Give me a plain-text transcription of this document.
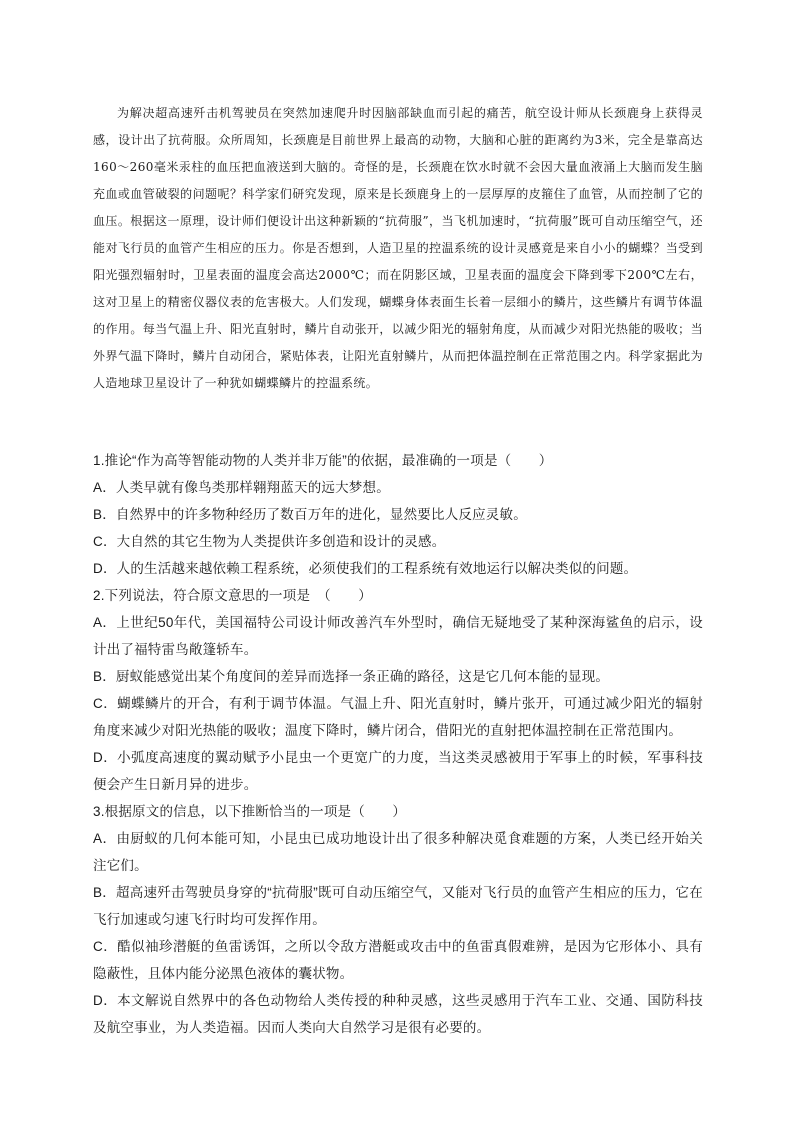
为解决超高速歼击机驾驶员在突然加速爬升时因脑部缺血而引起的痛苦，航空设计师从长颈鹿身上获得灵感，设计出了抗荷服。众所周知，长颈鹿是目前世界上最高的动物，大脑和心脏的距离约为3米，完全是靠高达160～260毫米汞柱的血压把血液送到大脑的。奇怪的是，长颈鹿在饮水时就不会因大量血液涌上大脑而发生脑充血或血管破裂的问题呢？科学家们研究发现，原来是长颈鹿身上的一层厚厚的皮箍住了血管，从而控制了它的血压。根据这一原理，设计师们便设计出这种新颖的“抗荷服”，当飞机加速时，“抗荷服”既可自动压缩空气，还能对飞行员的血管产生相应的压力。你是否想到，人造卫星的控温系统的设计灵感竟是来自小小的蝴蝶？当受到阳光强烈辐射时，卫星表面的温度会高达2000℃；而在阴影区域，卫星表面的温度会下降到零下200℃左右，这对卫星上的精密仪器仪表的危害极大。人们发现，蝴蝶身体表面生长着一层细小的鳞片，这些鳞片有调节体温的作用。每当气温上升、阳光直射时，鳞片自动张开，以减少阳光的辐射角度，从而减少对阳光热能的吸收；当外界气温下降时，鳞片自动闭合，紧贴体表，让阳光直射鳞片，从而把体温控制在正常范围之内。科学家据此为人造地球卫星设计了一种犹如蝴蝶鳞片的控温系统。

1.推论“作为高等智能动物的人类并非万能”的依据，最准确的一项是（　　）

A．人类早就有像鸟类那样翱翔蓝天的远大梦想。

B．自然界中的许多物种经历了数百万年的进化，显然要比人反应灵敏。

C．大自然的其它生物为人类提供许多创造和设计的灵感。

D．人的生活越来越依赖工程系统，必须使我们的工程系统有效地运行以解决类似的问题。

2.下列说法，符合原文意思的一项是　（　　）

A．上世纪50年代，美国福特公司设计师改善汽车外型时，确信无疑地受了某种深海鲨鱼的启示，设计出了福特雷鸟敞篷轿车。

B．厨蚁能感觉出某个角度间的差异而选择一条正确的路径，这是它几何本能的显现。

C．蝴蝶鳞片的开合，有利于调节体温。气温上升、阳光直射时，鳞片张开，可通过减少阳光的辐射角度来减少对阳光热能的吸收；温度下降时，鳞片闭合，借阳光的直射把体温控制在正常范围内。

D．小弧度高速度的翼动赋予小昆虫一个更宽广的力度，当这类灵感被用于军事上的时候，军事科技便会产生日新月异的进步。

3.根据原文的信息，以下推断恰当的一项是（　　）

A．由厨蚁的几何本能可知，小昆虫已成功地设计出了很多种解决觅食难题的方案，人类已经开始关注它们。

B．超高速歼击驾驶员身穿的“抗荷服”既可自动压缩空气，又能对飞行员的血管产生相应的压力，它在飞行加速或匀速飞行时均可发挥作用。

C．酷似袖珍潜艇的鱼雷诱饵，之所以令敌方潜艇或攻击中的鱼雷真假难辨，是因为它形体小、具有隐蔽性，且体内能分泌黑色液体的囊状物。

D．本文解说自然界中的各色动物给人类传授的种种灵感，这些灵感用于汽车工业、交通、国防科技及航空事业，为人类造福。因而人类向大自然学习是很有必要的。
